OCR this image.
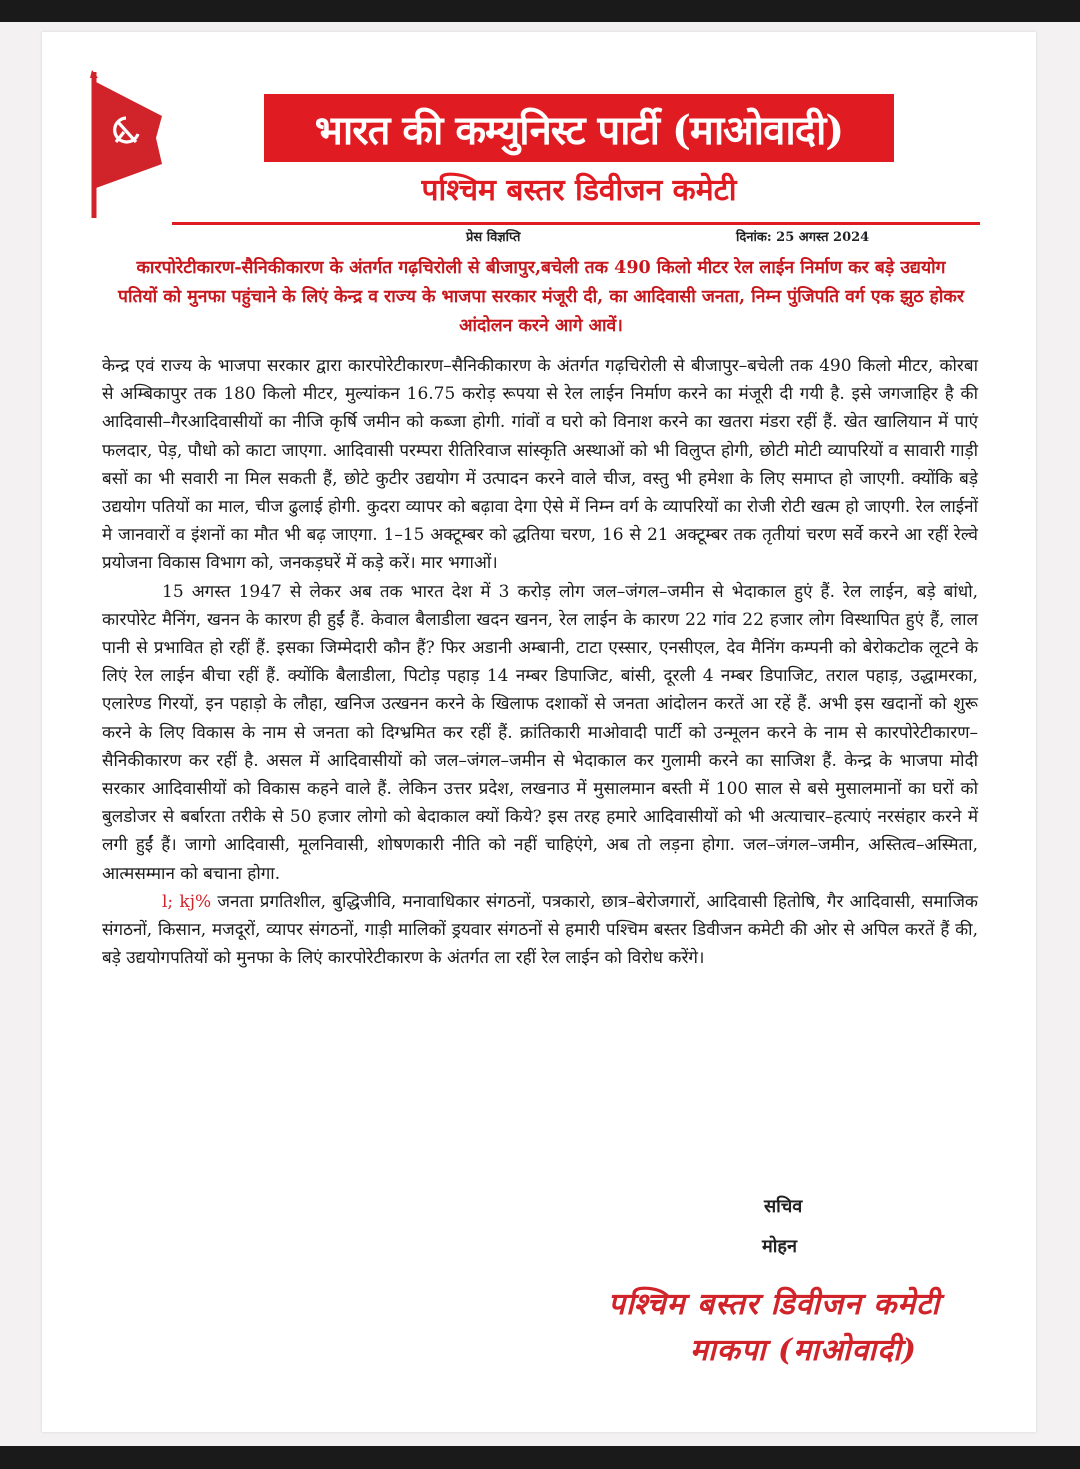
भारत की कम्युनिस्ट पार्टी (माओवादी)
पश्चिम बस्तर डिवीजन कमेटी
प्रेस विज्ञप्ति	दिनांक: 25 अगस्त 2024
कारपोरेटीकारण-सैनिकीकारण के अंतर्गत गढ़चिरोली से बीजापुर,बचेली तक 490 किलो मीटर रेल लाईन निर्माण कर बड़े उद्ययोग पतियों को मुनफा पहुंचाने के लिएं केन्द्र व राज्य के भाजपा सरकार मंजूरी दी, का आदिवासी जनता, निम्न पुंजिपति वर्ग एक झुठ होकर आंदोलन करने आगे आवें।

केन्द्र एवं राज्य के भाजपा सरकार द्वारा कारपोरेटीकारण–सैनिकीकारण के अंतर्गत गढ़चिरोली से बीजापुर–बचेली तक 490 किलो मीटर, कोरबा से अम्बिकापुर तक 180 किलो मीटर, मुल्यांकन 16.75 करोड़ रूपया से रेल लाईन निर्माण करने का मंजूरी दी गयी है. इसे जगजाहिर है की आदिवासी–गैरआदिवासीयों का नीजि कृर्षि जमीन को कब्जा होगी. गांवों व घरो को विनाश करने का खतरा मंडरा रहीं हैं. खेत खालियान में पाएं फलदार, पेड़, पौधो को काटा जाएगा. आदिवासी परम्परा रीतिरिवाज सांस्कृति अस्थाओं को भी विलुप्त होगी, छोटी मोटी व्यापरियों व सावारी गाड़ी बसों का भी सवारी ना मिल सकती हैं, छोटे कुटीर उद्ययोग में उत्पादन करने वाले चीज, वस्तु भी हमेशा के लिए समाप्त हो जाएगी. क्योंकि बड़े उद्ययोग पतियों का माल, चीज ढुलाई होगी. कुदरा व्यापर को बढ़ावा देगा ऐसे में निम्न वर्ग के व्यापरियों का रोजी रोटी खत्म हो जाएगी. रेल लाईनों मे जानवारों व इंशनों का मौत भी बढ़ जाएगा. 1–15 अक्टूम्बर को द्धतिया चरण, 16 से 21 अक्टूम्बर तक तृतीयां चरण सर्वे करने आ रहीं रेल्वे प्रयोजना विकास विभाग को, जनकड़घरें में कड़े करें। मार भगाओं।

15 अगस्त 1947 से लेकर अब तक भारत देश में 3 करोड़ लोग जल–जंगल–जमीन से भेदाकाल हुएं हैं. रेल लाईन, बड़े बांधो, कारपोरेट मैनिंग, खनन के कारण ही हुईं हैं. केवाल बैलाडीला खदन खनन, रेल लाईन के कारण 22 गांव 22 हजार लोग विस्थापित हुएं हैं, लाल पानी से प्रभावित हो रहीं हैं. इसका जिम्मेदारी कौन हैं? फिर अडानी अम्बानी, टाटा एस्सार, एनसीएल, देव मैनिंग कम्पनी को बेरोकटोक लूटने के लिएं रेल लाईन बीचा रहीं हैं. क्योंकि बैलाडीला, पिटोड़ पहाड़ 14 नम्बर डिपाजिट, बांसी, दूरली 4 नम्बर डिपाजिट, तराल पहाड़, उद्धामरका, एलारेण्ड गिरयों, इन पहाड़ो के लौहा, खनिज उत्खनन करने के खिलाफ दशाकों से जनता आंदोलन करतें आ रहें हैं. अभी इस खदानों को शुरू करने के लिए विकास के नाम से जनता को दिग्भ्रमित कर रहीं हैं. क्रांतिकारी माओवादी पार्टी को उन्मूलन करने के नाम से कारपोरेटीकारण–सैनिकीकारण कर रहीं है. असल में आदिवासीयों को जल–जंगल–जमीन से भेदाकाल कर गुलामी करने का साजिश हैं. केन्द्र के भाजपा मोदी सरकार आदिवासीयों को विकास कहने वाले हैं. लेकिन उत्तर प्रदेश, लखनाउ में मुसालमान बस्ती में 100 साल से बसे मुसालमानों का घरों को बुलडोजर से बर्बारता तरीके से 50 हजार लोगो को बेदाकाल क्यों किये? इस तरह हमारे आदिवासीयों को भी अत्याचार–हत्याएं नरसंहार करने में लगी हुईं हैं। जागो आदिवासी, मूलनिवासी, शोषणकारी नीति को नहीं चाहिएंगे, अब तो लड़ना होगा. जल–जंगल–जमीन, अस्तित्व–अस्मिता, आत्मसम्मान को बचाना होगा.

l; kj% जनता प्रगतिशील, बुद्धिजीवि, मनावाधिकार संगठनों, पत्रकारो, छात्र–बेरोजगारों, आदिवासी हितोषि, गैर आदिवासी, समाजिक संगठनों, किसान, मजदूरों, व्यापर संगठनों, गाड़ी मालिकों ड्रयवार संगठनों से हमारी पश्चिम बस्तर डिवीजन कमेटी की ओर से अपिल करतें हैं की, बड़े उद्ययोगपतियों को मुनफा के लिएं कारपोरेटीकारण के अंतर्गत ला रहीं रेल लाईन को विरोध करेंगे।

सचिव
मोहन
पश्चिम बस्तर डिवीजन कमेटी
माकपा (माओवादी)
